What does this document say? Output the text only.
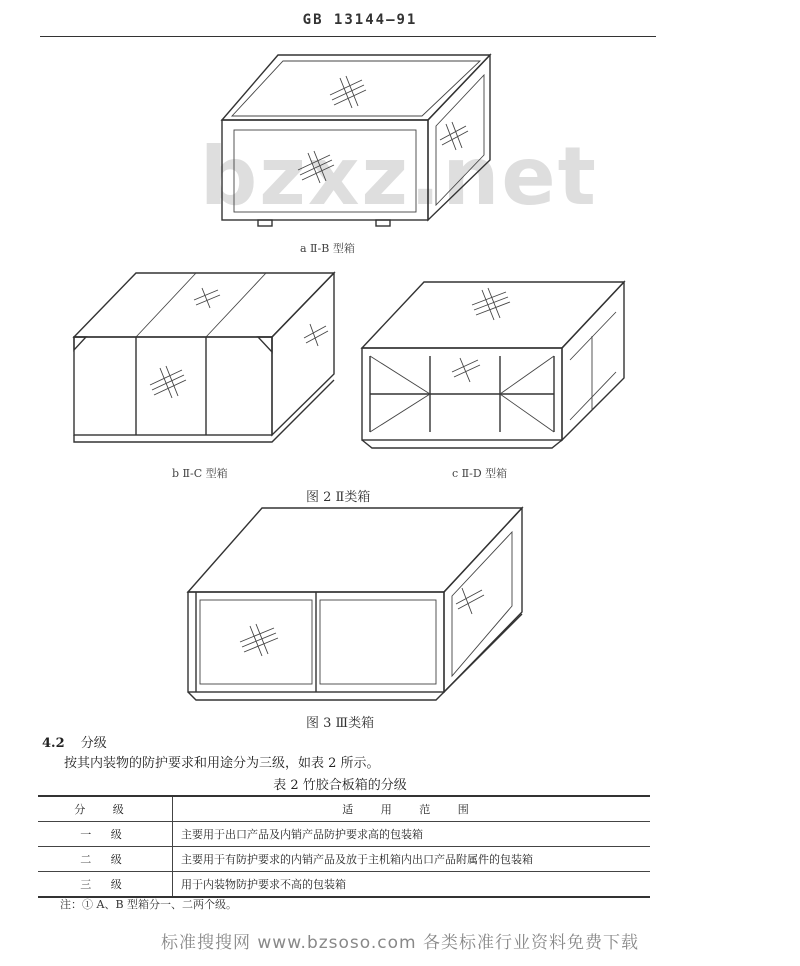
GB 13144—91
bzxz.net
a Ⅱ-B 型箱
b Ⅱ-C 型箱	c Ⅱ-D 型箱
图 2 Ⅱ类箱
图 3 Ⅲ类箱
4.2 分级
按其内装物的防护要求和用途分为三级，如表 2 所示。
表 2 竹胶合板箱的分级
分 级	适 用 范 围
一 级	主要用于出口产品及内销产品防护要求高的包装箱
二 级	主要用于有防护要求的内销产品及放于主机箱内出口产品附属件的包装箱
三 级	用于内装物防护要求不高的包装箱
注：① A、B 型箱分一、二两个级。
标准搜搜网 www.bzsoso.com 各类标准行业资料免费下载
